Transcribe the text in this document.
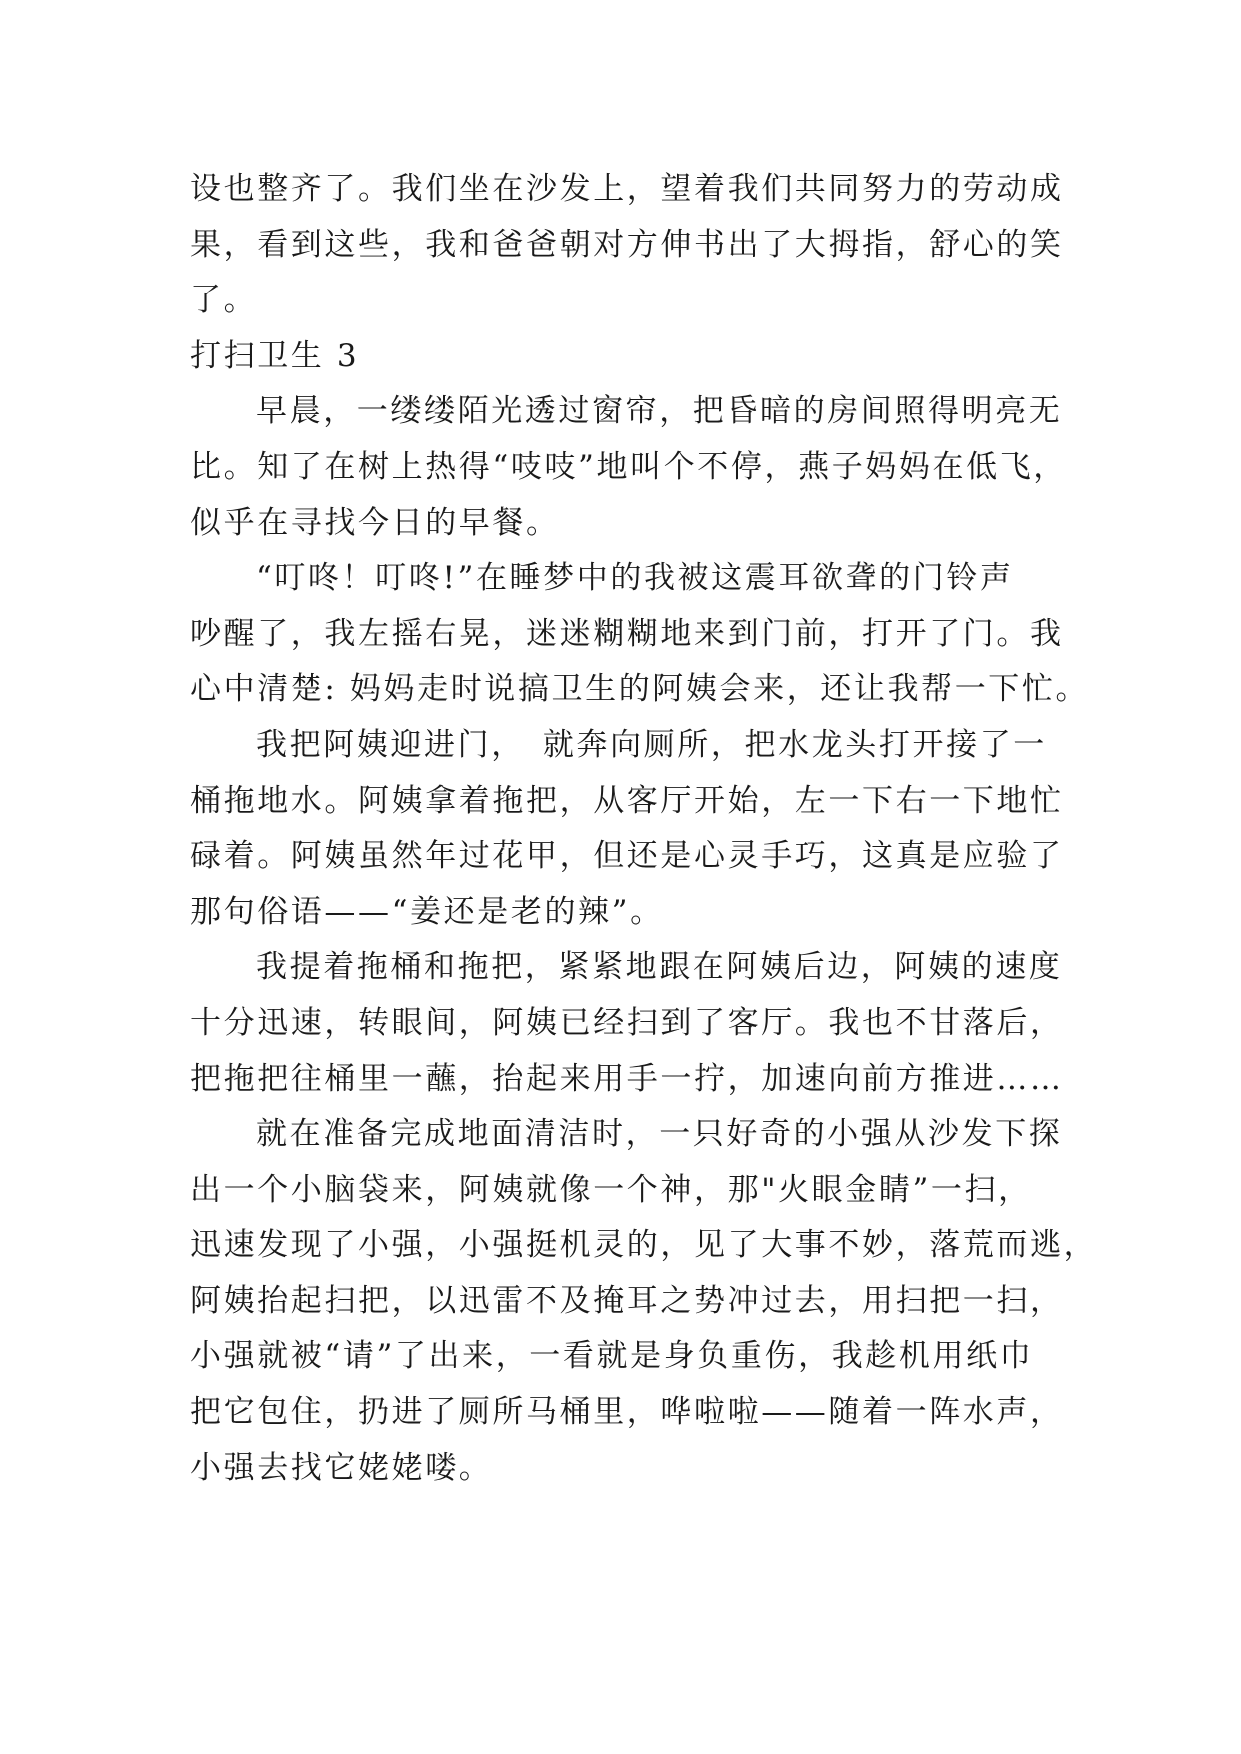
设也整齐了。我们坐在沙发上，望着我们共同努力的劳动成
果，看到这些，我和爸爸朝对方伸书出了大拇指，舒心的笑
了。
打扫卫生 3
早晨，一缕缕陌光透过窗帘，把昏暗的房间照得明亮无
比。知了在树上热得“吱吱”地叫个不停，燕子妈妈在低飞，
似乎在寻找今日的早餐。
“叮咚！叮咚!”在睡梦中的我被这震耳欲聋的门铃声
吵醒了，我左摇右晃，迷迷糊糊地来到门前，打开了门。我
心中清楚: 妈妈走时说搞卫生的阿姨会来，还让我帮一下忙。
我把阿姨迎进门，　就奔向厕所，把水龙头打开接了一
桶拖地水。阿姨拿着拖把，从客厅开始，左一下右一下地忙
碌着。阿姨虽然年过花甲，但还是心灵手巧，这真是应验了
那句俗语——“姜还是老的辣”。
我提着拖桶和拖把，紧紧地跟在阿姨后边，阿姨的速度
十分迅速，转眼间，阿姨已经扫到了客厅。我也不甘落后，
把拖把往桶里一蘸，抬起来用手一拧，加速向前方推进……
就在准备完成地面清洁时，一只好奇的小强从沙发下探
出一个小脑袋来，阿姨就像一个神，那"火眼金睛”一扫，
迅速发现了小强，小强挺机灵的，见了大事不妙，落荒而逃，
阿姨抬起扫把，以迅雷不及掩耳之势冲过去，用扫把一扫，
小强就被“请”了出来，一看就是身负重伤，我趁机用纸巾
把它包住，扔进了厕所马桶里，哗啦啦——随着一阵水声，
小强去找它姥姥喽。
